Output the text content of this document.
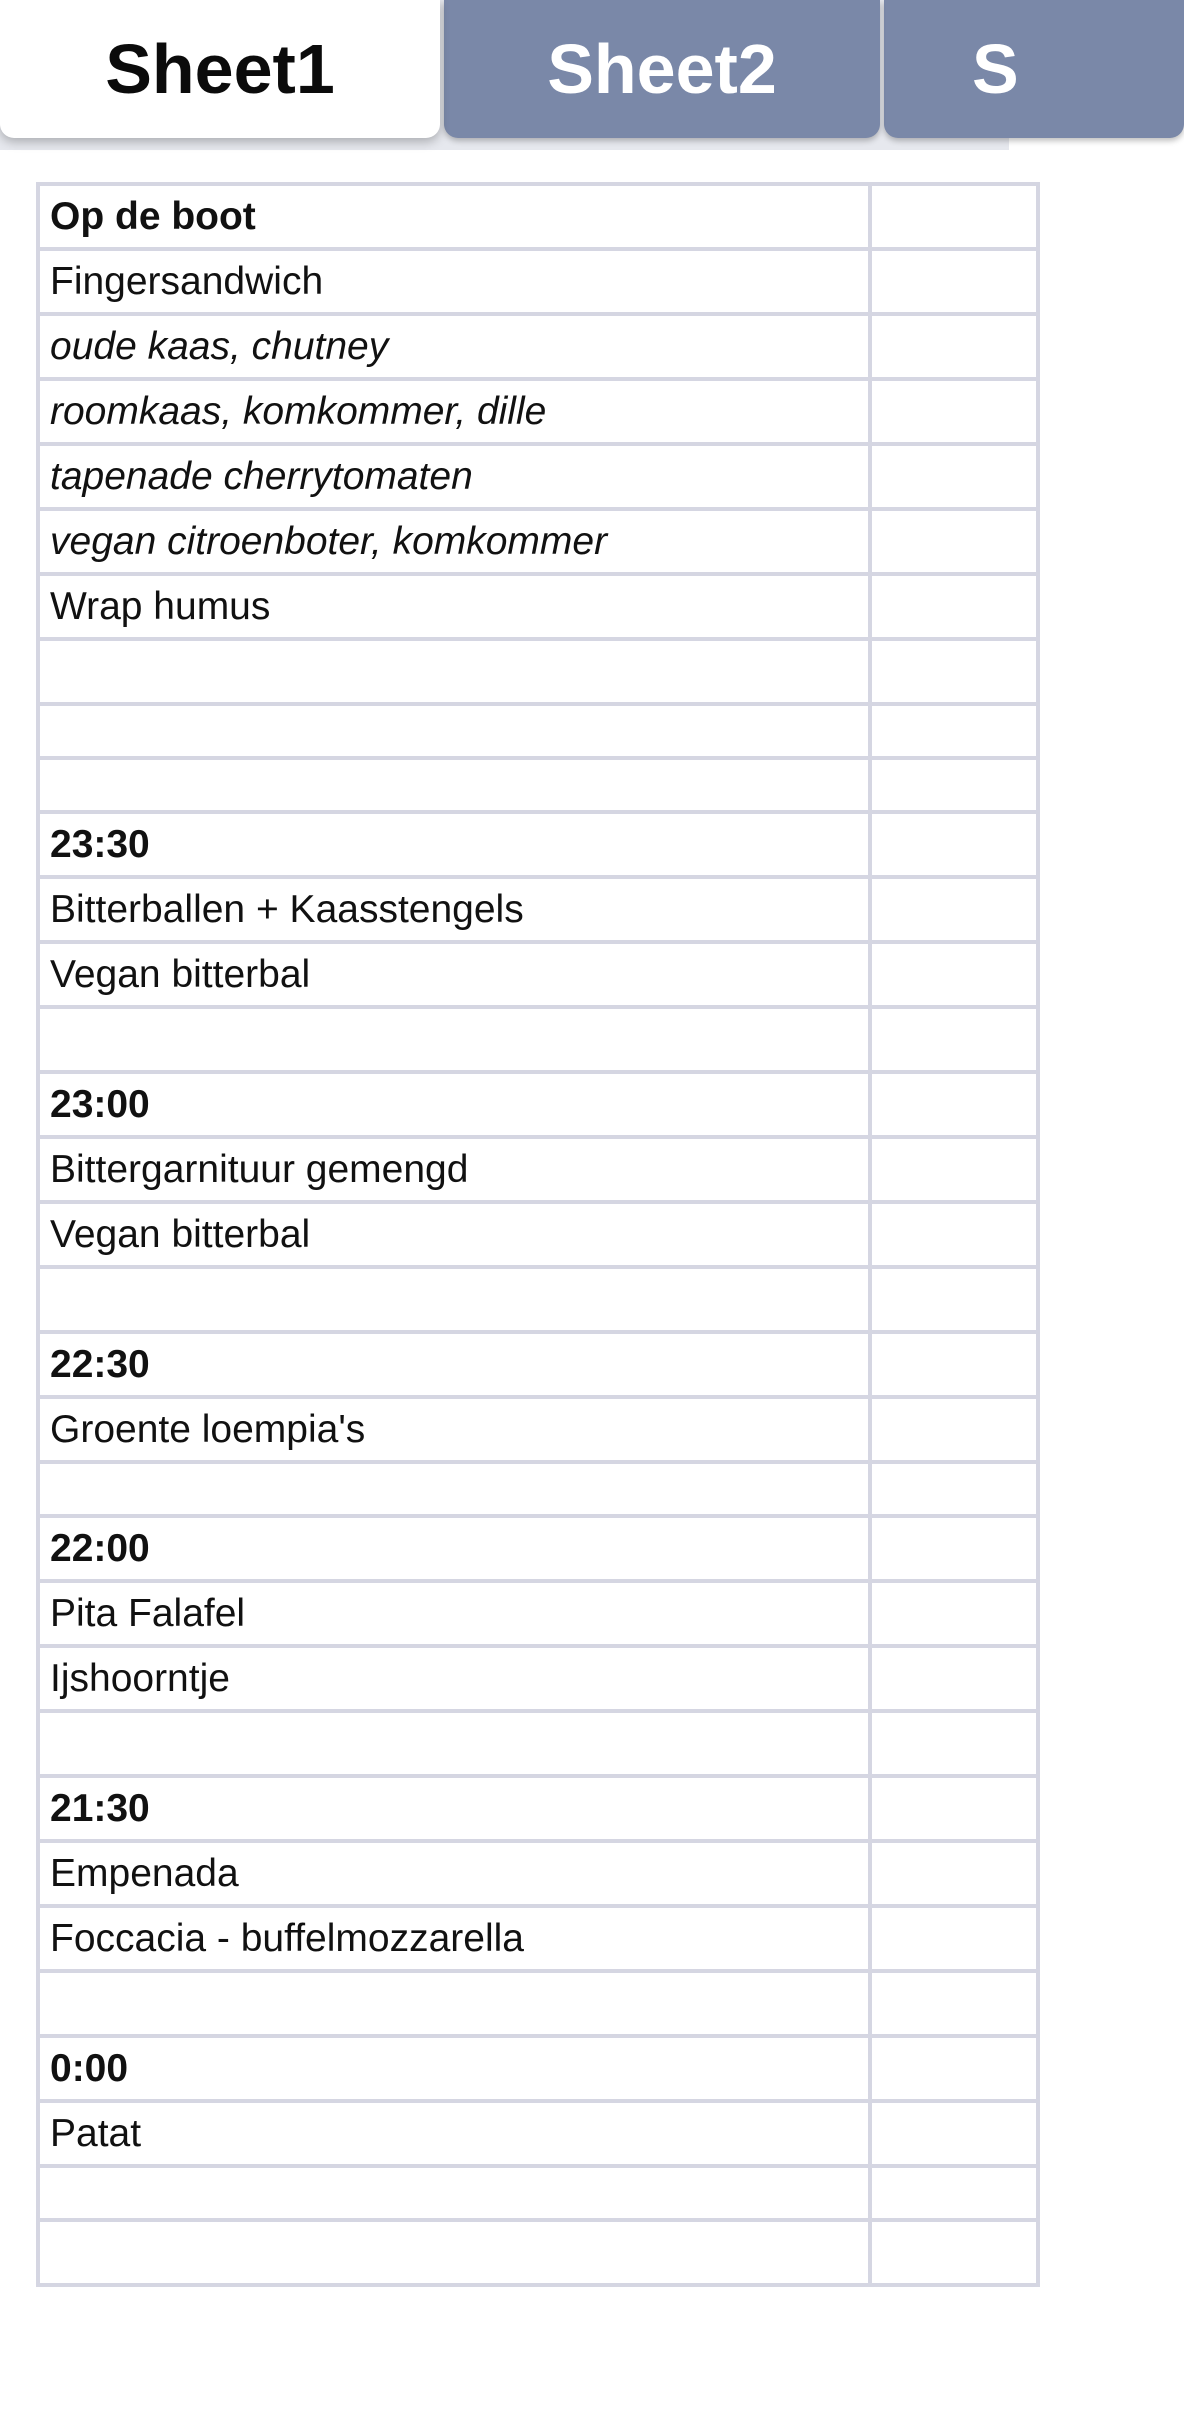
Sheet1	Sheet2	S
Op de boot	
Fingersandwich	
oude kaas, chutney	
roomkaas, komkommer, dille	
tapenade cherrytomaten	
vegan citroenboter, komkommer	
Wrap humus	

23:30	
Bitterballen + Kaasstengels	
Vegan bitterbal	

23:00	
Bittergarnituur gemengd	
Vegan bitterbal	

22:30	
Groente loempia's	

22:00	
Pita Falafel	
Ijshoorntje	

21:30	
Empenada	
Foccacia - buffelmozzarella	

0:00	
Patat	
